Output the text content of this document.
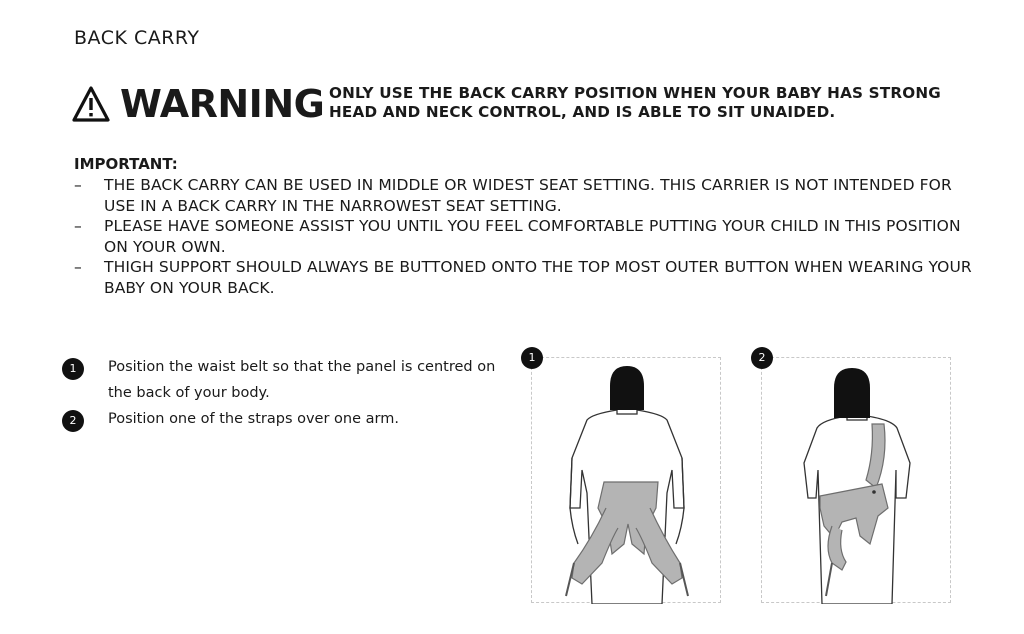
BACK CARRY
WARNING ONLY USE THE BACK CARRY POSITION WHEN YOUR BABY HAS STRONG HEAD AND NECK CONTROL, AND IS ABLE TO SIT UNAIDED.
IMPORTANT:
– THE BACK CARRY CAN BE USED IN MIDDLE OR WIDEST SEAT SETTING. THIS CARRIER IS NOT INTENDED FOR USE IN A BACK CARRY IN THE NARROWEST SEAT SETTING.
– PLEASE HAVE SOMEONE ASSIST YOU UNTIL YOU FEEL COMFORTABLE PUTTING YOUR CHILD IN THIS POSITION ON YOUR OWN.
– THIGH SUPPORT SHOULD ALWAYS BE BUTTONED ONTO THE TOP MOST OUTER BUTTON WHEN WEARING YOUR BABY ON YOUR BACK.
1	Position the waist belt so that the panel is centred on the back of your body.
2	Position one of the straps over one arm.
1	2
